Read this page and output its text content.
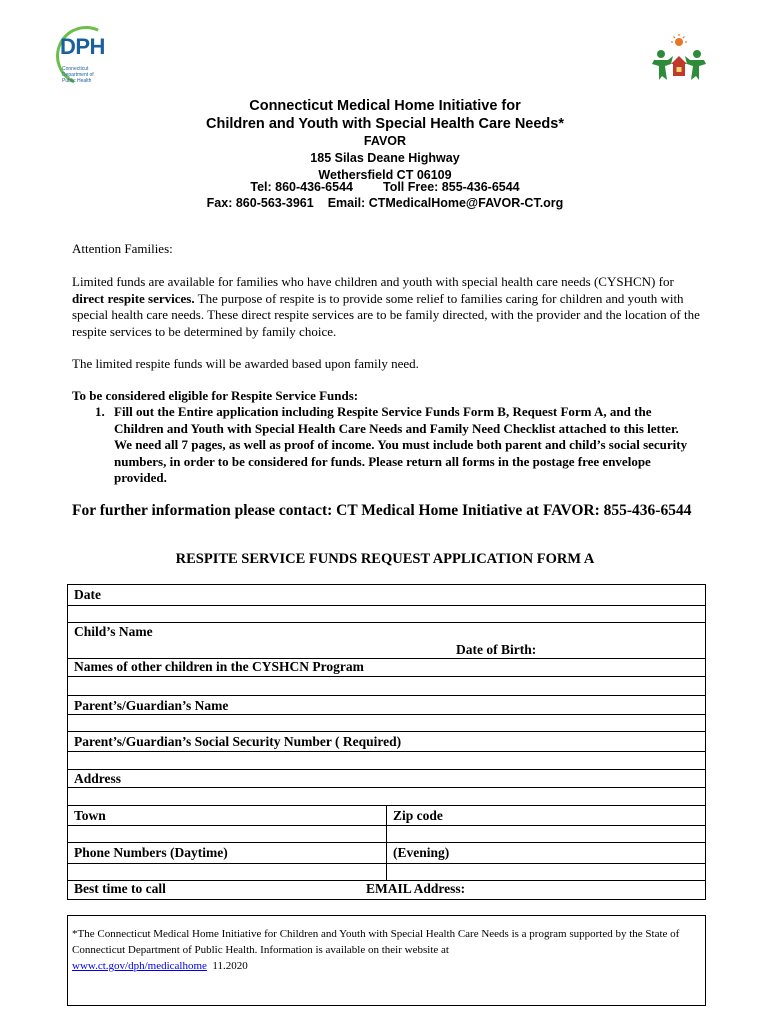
DPH
Connecticut Department of Public Health
Connecticut Medical Home Initiative for
Children and Youth with Special Health Care Needs*
FAVOR
185 Silas Deane Highway
Wethersfield CT 06109
Tel: 860-436-6544 Toll Free: 855-436-6544
Fax: 860-563-3961 Email: CTMedicalHome@FAVOR-CT.org
Attention Families:
Limited funds are available for families who have children and youth with special health care needs (CYSHCN) for direct respite services. The purpose of respite is to provide some relief to families caring for children and youth with special health care needs. These direct respite services are to be family directed, with the provider and the location of the respite services to be determined by family choice.
The limited respite funds will be awarded based upon family need.
To be considered eligible for Respite Service Funds:
1. Fill out the Entire application including Respite Service Funds Form B, Request Form A, and the Children and Youth with Special Health Care Needs and Family Need Checklist attached to this letter. We need all 7 pages, as well as proof of income. You must include both parent and child’s social security numbers, in order to be considered for funds. Please return all forms in the postage free envelope provided.
For further information please contact: CT Medical Home Initiative at FAVOR: 855-436-6544
RESPITE SERVICE FUNDS REQUEST APPLICATION FORM A
Date
Child’s Name
Date of Birth:
Names of other children in the CYSHCN Program
Parent’s/Guardian’s Name
Parent’s/Guardian’s Social Security Number ( Required)
Address
Town	Zip code
Phone Numbers (Daytime)	(Evening)
Best time to call	EMAIL Address:
*The Connecticut Medical Home Initiative for Children and Youth with Special Health Care Needs is a program supported by the State of Connecticut Department of Public Health. Information is available on their website at
www.ct.gov/dph/medicalhome 11.2020
